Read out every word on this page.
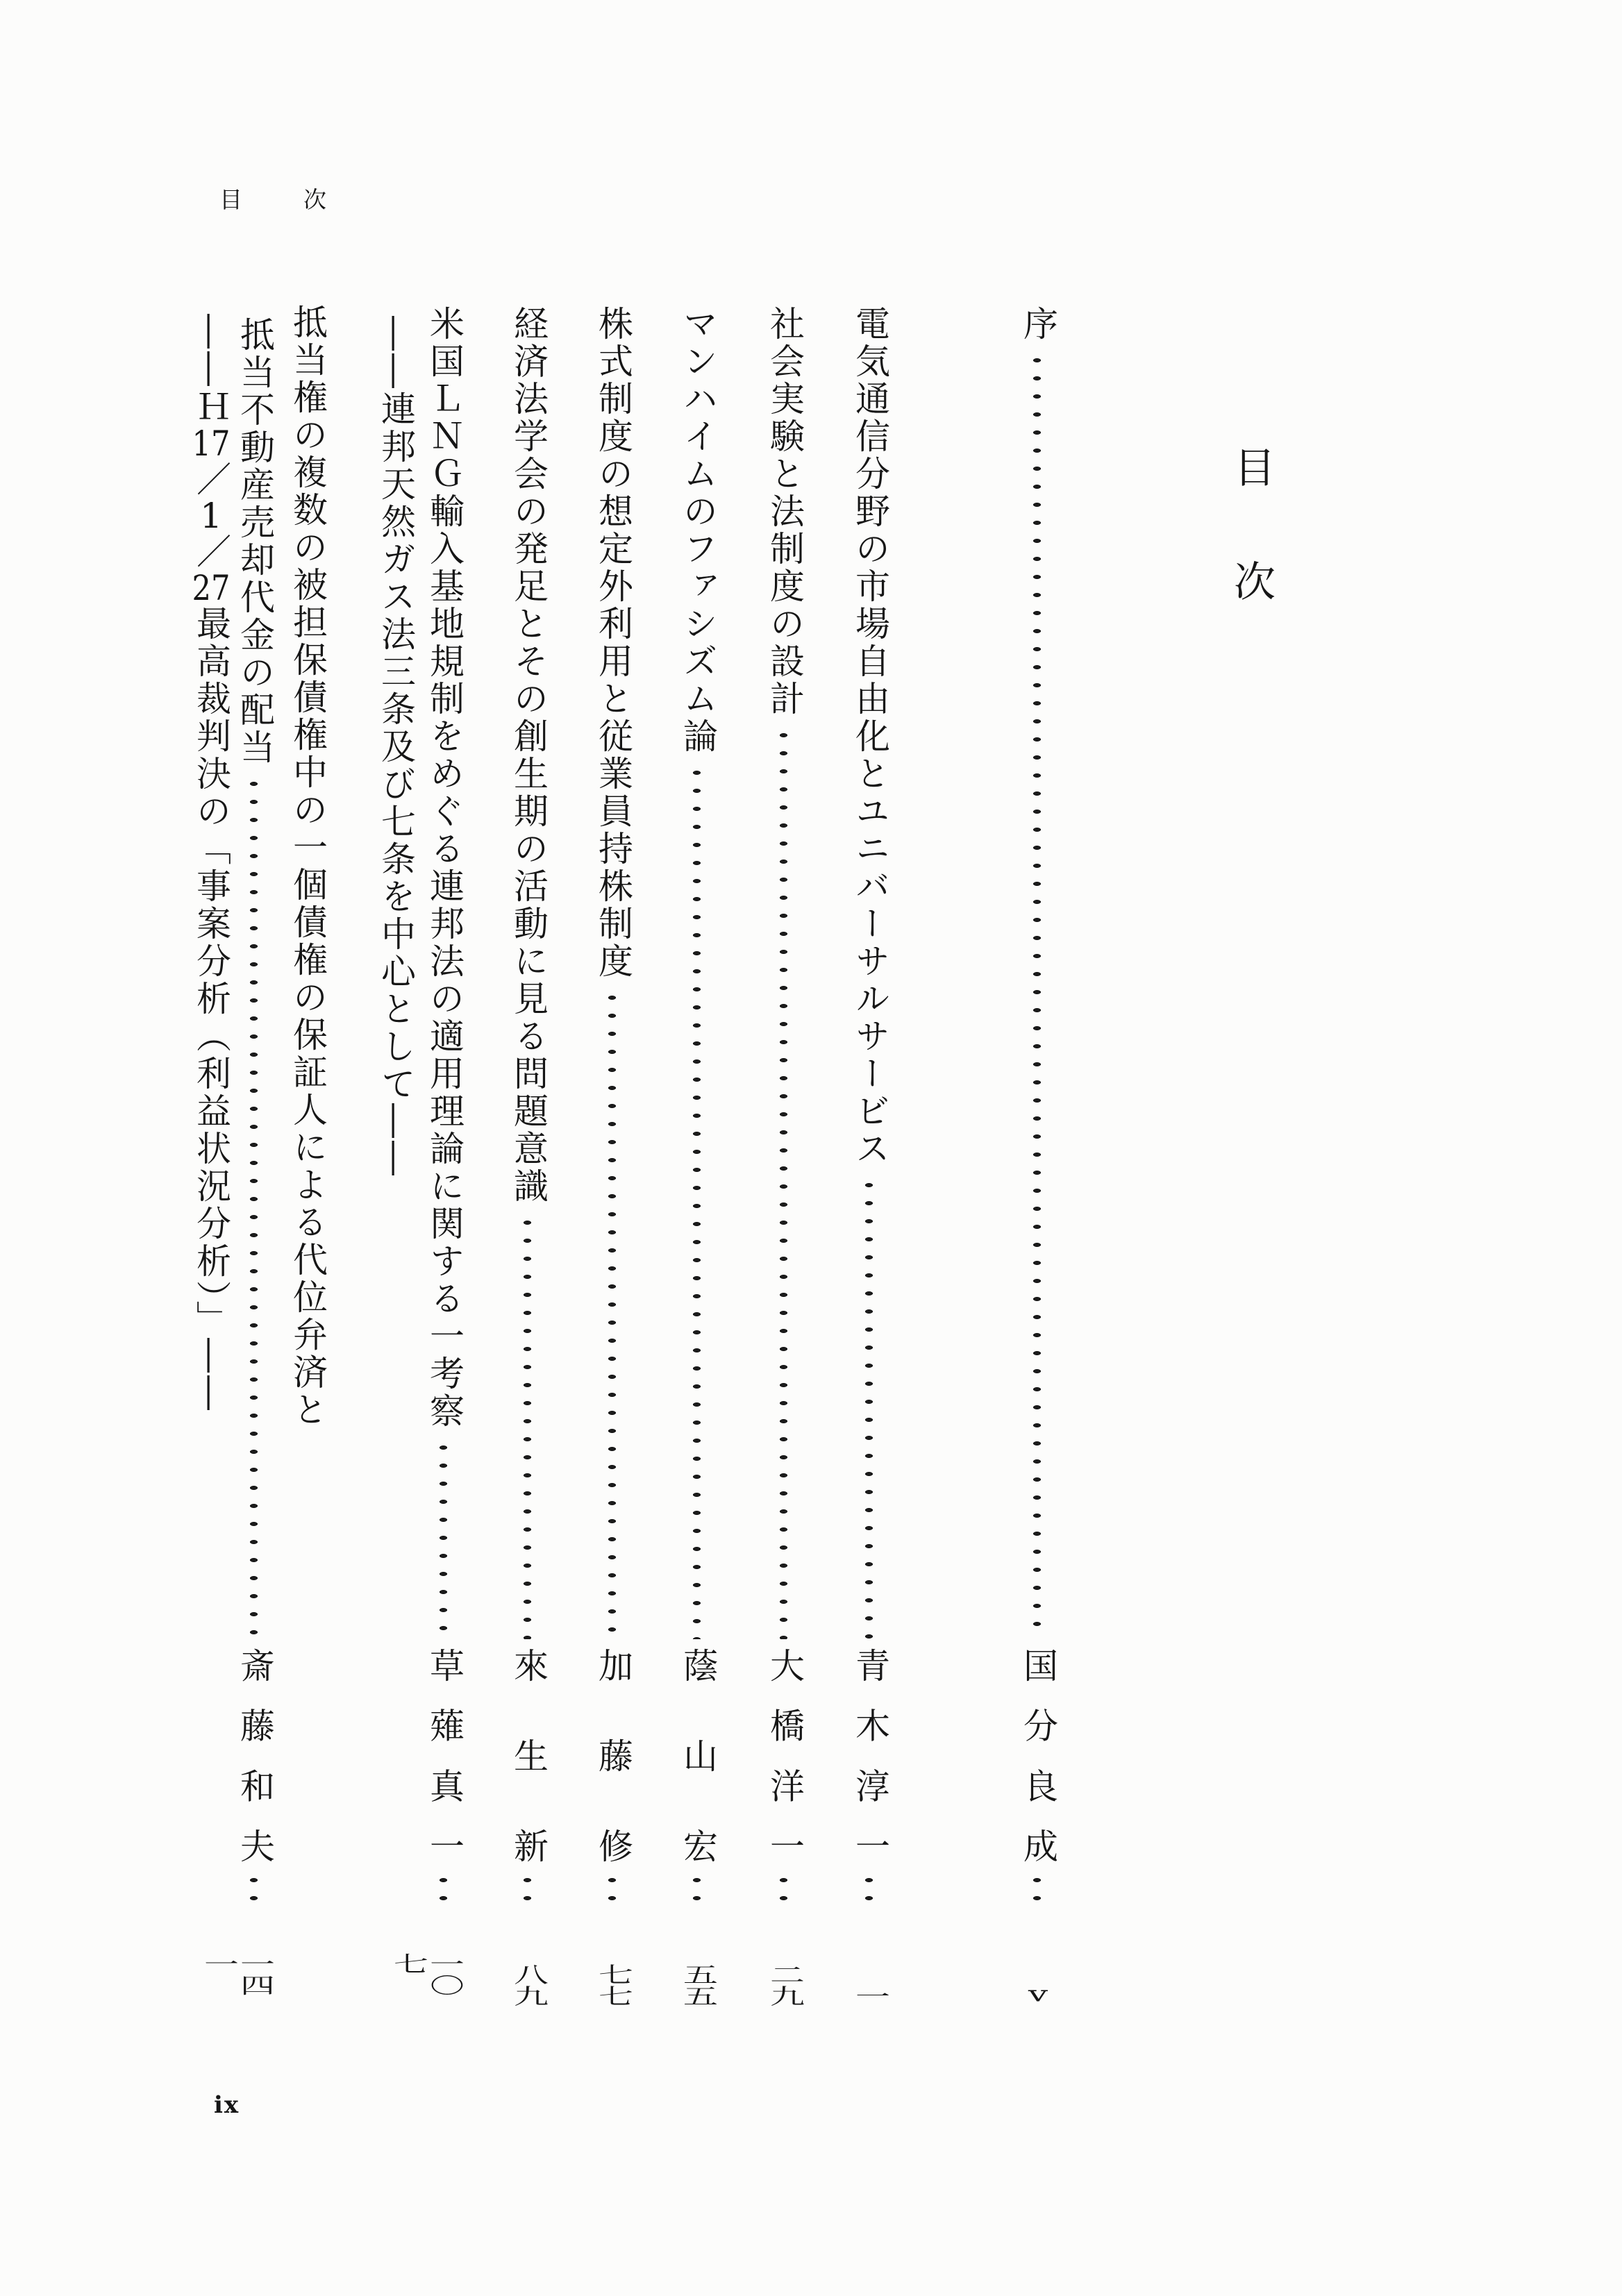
目次
目次
序
国分良成
v
電気通信分野の市場自由化とユニバーサルサービス
青木淳一
一
社会実験と法制度の設計
大橋洋一
二九
マンハイムのファシズム論
蔭山宏
五五
株式制度の想定外利用と従業員持株制度
加藤修
七七
経済法学会の発足とその創生期の活動に見る問題意識
來生新
八九
米国ＬＮＧ輸入基地規制をめぐる連邦法の適用理論に関する一考察
草薙真一
一〇七
――連邦天然ガス法三条及び七条を中心として――
抵当権の複数の被担保債権中の一個債権の保証人による代位弁済と
抵当不動産売却代金の配当
斎藤和夫
一四一
――Ｈ17／1／27最高裁判決の「事案分析（利益状況分析）」――
ix
